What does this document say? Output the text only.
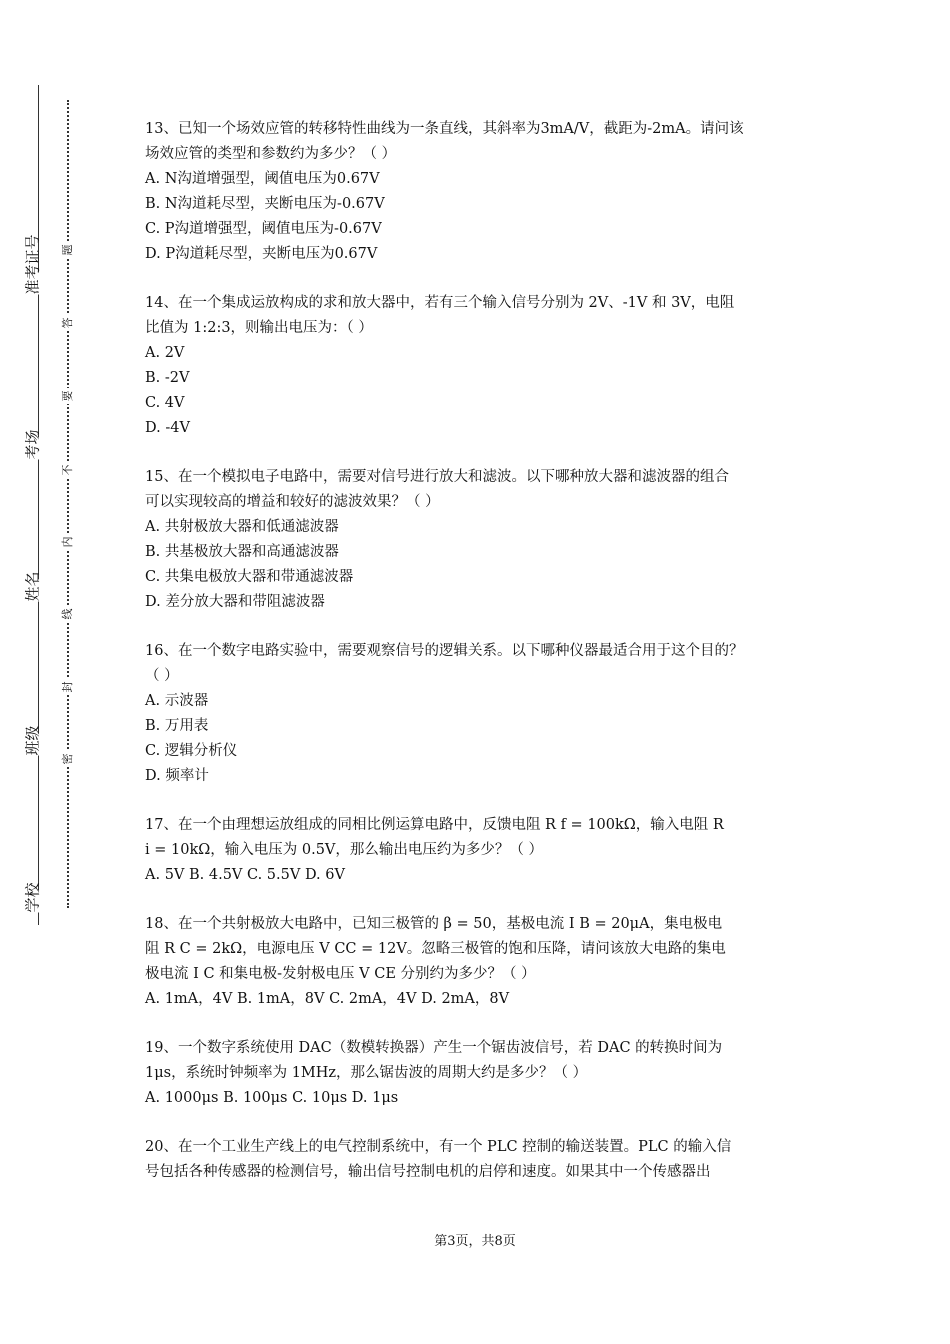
准考证号
考场
姓名
班级
学校
题
答
要
不
内
线
封
密

13、已知一个场效应管的转移特性曲线为一条直线，其斜率为3mA/V，截距为-2mA。请问该

场效应管的类型和参数约为多少？（ ）

A. N沟道增强型，阈值电压为0.67V

B. N沟道耗尽型，夹断电压为-0.67V

C. P沟道增强型，阈值电压为-0.67V

D. P沟道耗尽型，夹断电压为0.67V

14、在一个集成运放构成的求和放大器中，若有三个输入信号分别为 2V、-1V 和 3V，电阻

比值为 1:2:3，则输出电压为：（ ）

A. 2V

B. -2V

C. 4V

D. -4V

15、在一个模拟电子电路中，需要对信号进行放大和滤波。以下哪种放大器和滤波器的组合

可以实现较高的增益和较好的滤波效果？（ ）

A. 共射极放大器和低通滤波器

B. 共基极放大器和高通滤波器

C. 共集电极放大器和带通滤波器

D. 差分放大器和带阻滤波器

16、在一个数字电路实验中，需要观察信号的逻辑关系。以下哪种仪器最适合用于这个目的？

（ ）

A. 示波器

B. 万用表

C. 逻辑分析仪

D. 频率计

17、在一个由理想运放组成的同相比例运算电路中，反馈电阻 R f = 100kΩ，输入电阻 R

i = 10kΩ，输入电压为 0.5V，那么输出电压约为多少？（ ）

A. 5V B. 4.5V C. 5.5V D. 6V

18、在一个共射极放大电路中，已知三极管的 β = 50，基极电流 I B = 20μA，集电极电

阻 R C = 2kΩ，电源电压 V CC = 12V。忽略三极管的饱和压降，请问该放大电路的集电

极电流 I C 和集电极-发射极电压 V CE 分别约为多少？（ ）

A. 1mA，4V B. 1mA，8V C. 2mA，4V D. 2mA，8V

19、一个数字系统使用 DAC（数模转换器）产生一个锯齿波信号，若 DAC 的转换时间为

1μs，系统时钟频率为 1MHz，那么锯齿波的周期大约是多少？（ ）

A. 1000μs B. 100μs C. 10μs D. 1μs

20、在一个工业生产线上的电气控制系统中，有一个 PLC 控制的输送装置。PLC 的输入信

号包括各种传感器的检测信号，输出信号控制电机的启停和速度。如果其中一个传感器出

第3页，共8页
